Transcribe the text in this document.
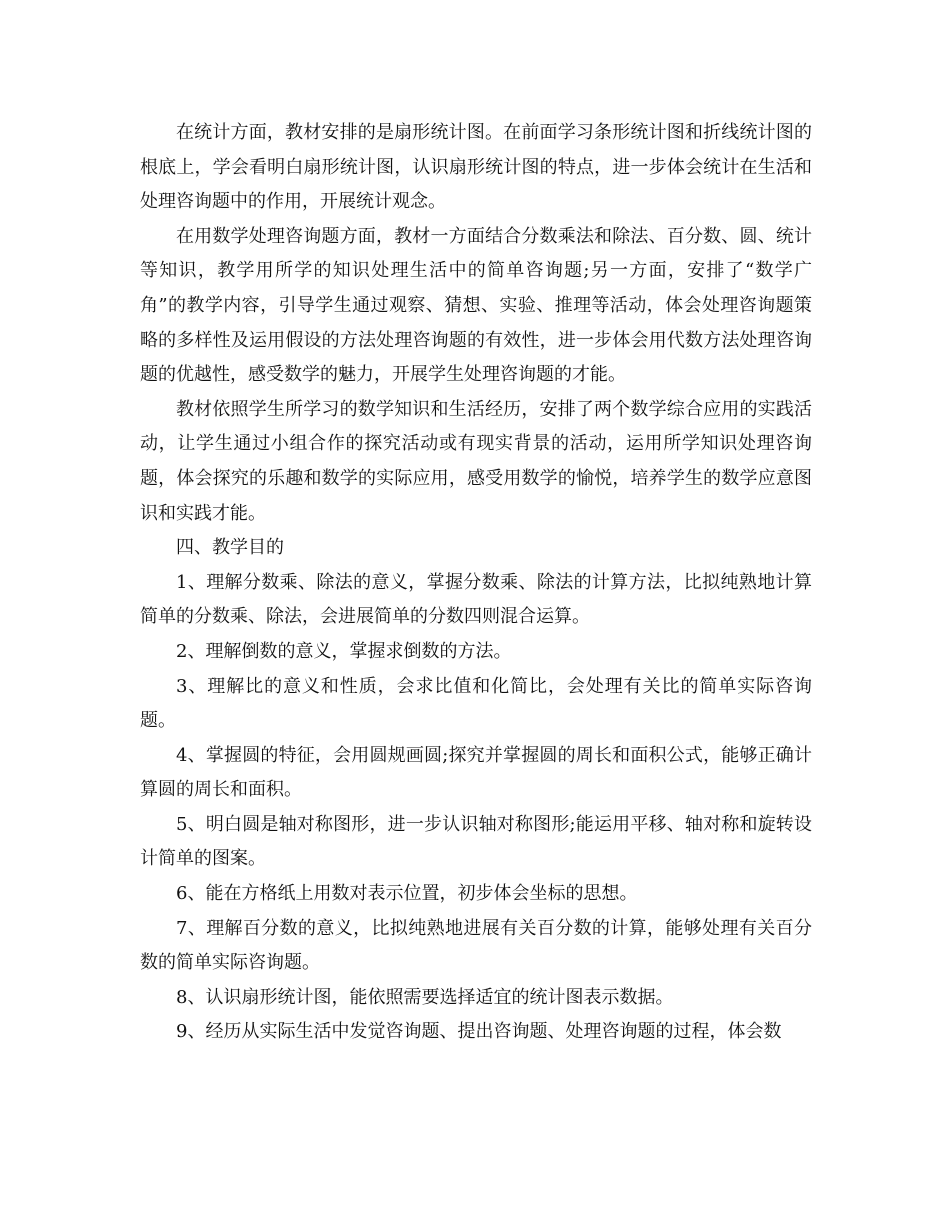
在统计方面，教材安排的是扇形统计图。在前面学习条形统计图和折线统计图的根底上，学会看明白扇形统计图，认识扇形统计图的特点，进一步体会统计在生活和处理咨询题中的作用，开展统计观念。

在用数学处理咨询题方面，教材一方面结合分数乘法和除法、百分数、圆、统计等知识，教学用所学的知识处理生活中的简单咨询题;另一方面，安排了“数学广角”的教学内容，引导学生通过观察、猜想、实验、推理等活动，体会处理咨询题策略的多样性及运用假设的方法处理咨询题的有效性，进一步体会用代数方法处理咨询题的优越性，感受数学的魅力，开展学生处理咨询题的才能。

教材依照学生所学习的数学知识和生活经历，安排了两个数学综合应用的实践活动，让学生通过小组合作的探究活动或有现实背景的活动，运用所学知识处理咨询题，体会探究的乐趣和数学的实际应用，感受用数学的愉悦，培养学生的数学应意图识和实践才能。

四、教学目的

1、理解分数乘、除法的意义，掌握分数乘、除法的计算方法，比拟纯熟地计算简单的分数乘、除法，会进展简单的分数四则混合运算。

2、理解倒数的意义，掌握求倒数的方法。

3、理解比的意义和性质，会求比值和化简比，会处理有关比的简单实际咨询题。

4、掌握圆的特征，会用圆规画圆;探究并掌握圆的周长和面积公式，能够正确计算圆的周长和面积。

5、明白圆是轴对称图形，进一步认识轴对称图形;能运用平移、轴对称和旋转设计简单的图案。

6、能在方格纸上用数对表示位置，初步体会坐标的思想。

7、理解百分数的意义，比拟纯熟地进展有关百分数的计算，能够处理有关百分数的简单实际咨询题。

8、认识扇形统计图，能依照需要选择适宜的统计图表示数据。

9、经历从实际生活中发觉咨询题、提出咨询题、处理咨询题的过程，体会数
